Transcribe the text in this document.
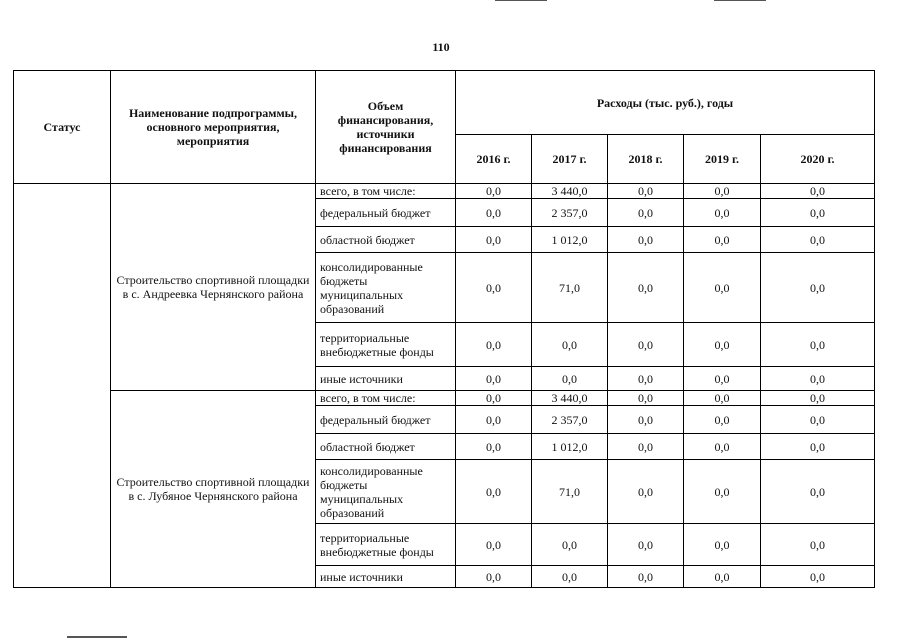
110
Статус	Наименование подпрограммы, основного мероприятия, мероприятия	Объем финансирования, источники финансирования	Расходы (тыс. руб.), годы				
			2016 г.	2017 г.	2018 г.	2019 г.	2020 г.
	Строительство спортивной площадки в с. Андреевка Чернянского района	всего, в том числе:	0,0	3 440,0	0,0	0,0	0,0
		федеральный бюджет	0,0	2 357,0	0,0	0,0	0,0
		областной бюджет	0,0	1 012,0	0,0	0,0	0,0
		консолидированные бюджеты муниципальных образований	0,0	71,0	0,0	0,0	0,0
		территориальные внебюджетные фонды	0,0	0,0	0,0	0,0	0,0
		иные источники	0,0	0,0	0,0	0,0	0,0
	Строительство спортивной площадки в с. Лубяное Чернянского района	всего, в том числе:	0,0	3 440,0	0,0	0,0	0,0
		федеральный бюджет	0,0	2 357,0	0,0	0,0	0,0
		областной бюджет	0,0	1 012,0	0,0	0,0	0,0
		консолидированные бюджеты муниципальных образований	0,0	71,0	0,0	0,0	0,0
		территориальные внебюджетные фонды	0,0	0,0	0,0	0,0	0,0
		иные источники	0,0	0,0	0,0	0,0	0,0
